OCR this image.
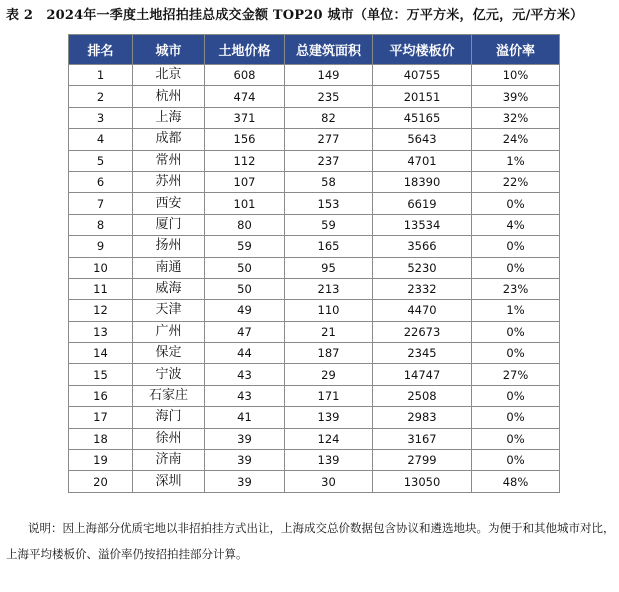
表 2　2024年一季度土地招拍挂总成交金额 TOP20 城市（单位：万平方米，亿元，元/平方米）
排名	城市	土地价格	总建筑面积	平均楼板价	溢价率
1	北京	608	149	40755	10%
2	杭州	474	235	20151	39%
3	上海	371	82	45165	32%
4	成都	156	277	5643	24%
5	常州	112	237	4701	1%
6	苏州	107	58	18390	22%
7	西安	101	153	6619	0%
8	厦门	80	59	13534	4%
9	扬州	59	165	3566	0%
10	南通	50	95	5230	0%
11	威海	50	213	2332	23%
12	天津	49	110	4470	1%
13	广州	47	21	22673	0%
14	保定	44	187	2345	0%
15	宁波	43	29	14747	27%
16	石家庄	43	171	2508	0%
17	海门	41	139	2983	0%
18	徐州	39	124	3167	0%
19	济南	39	139	2799	0%
20	深圳	39	30	13050	48%
说明：因上海部分优质宅地以非招拍挂方式出让，上海成交总价数据包含协议和遴选地块。为便于和其他城市对比，上海平均楼板价、溢价率仍按招拍挂部分计算。
